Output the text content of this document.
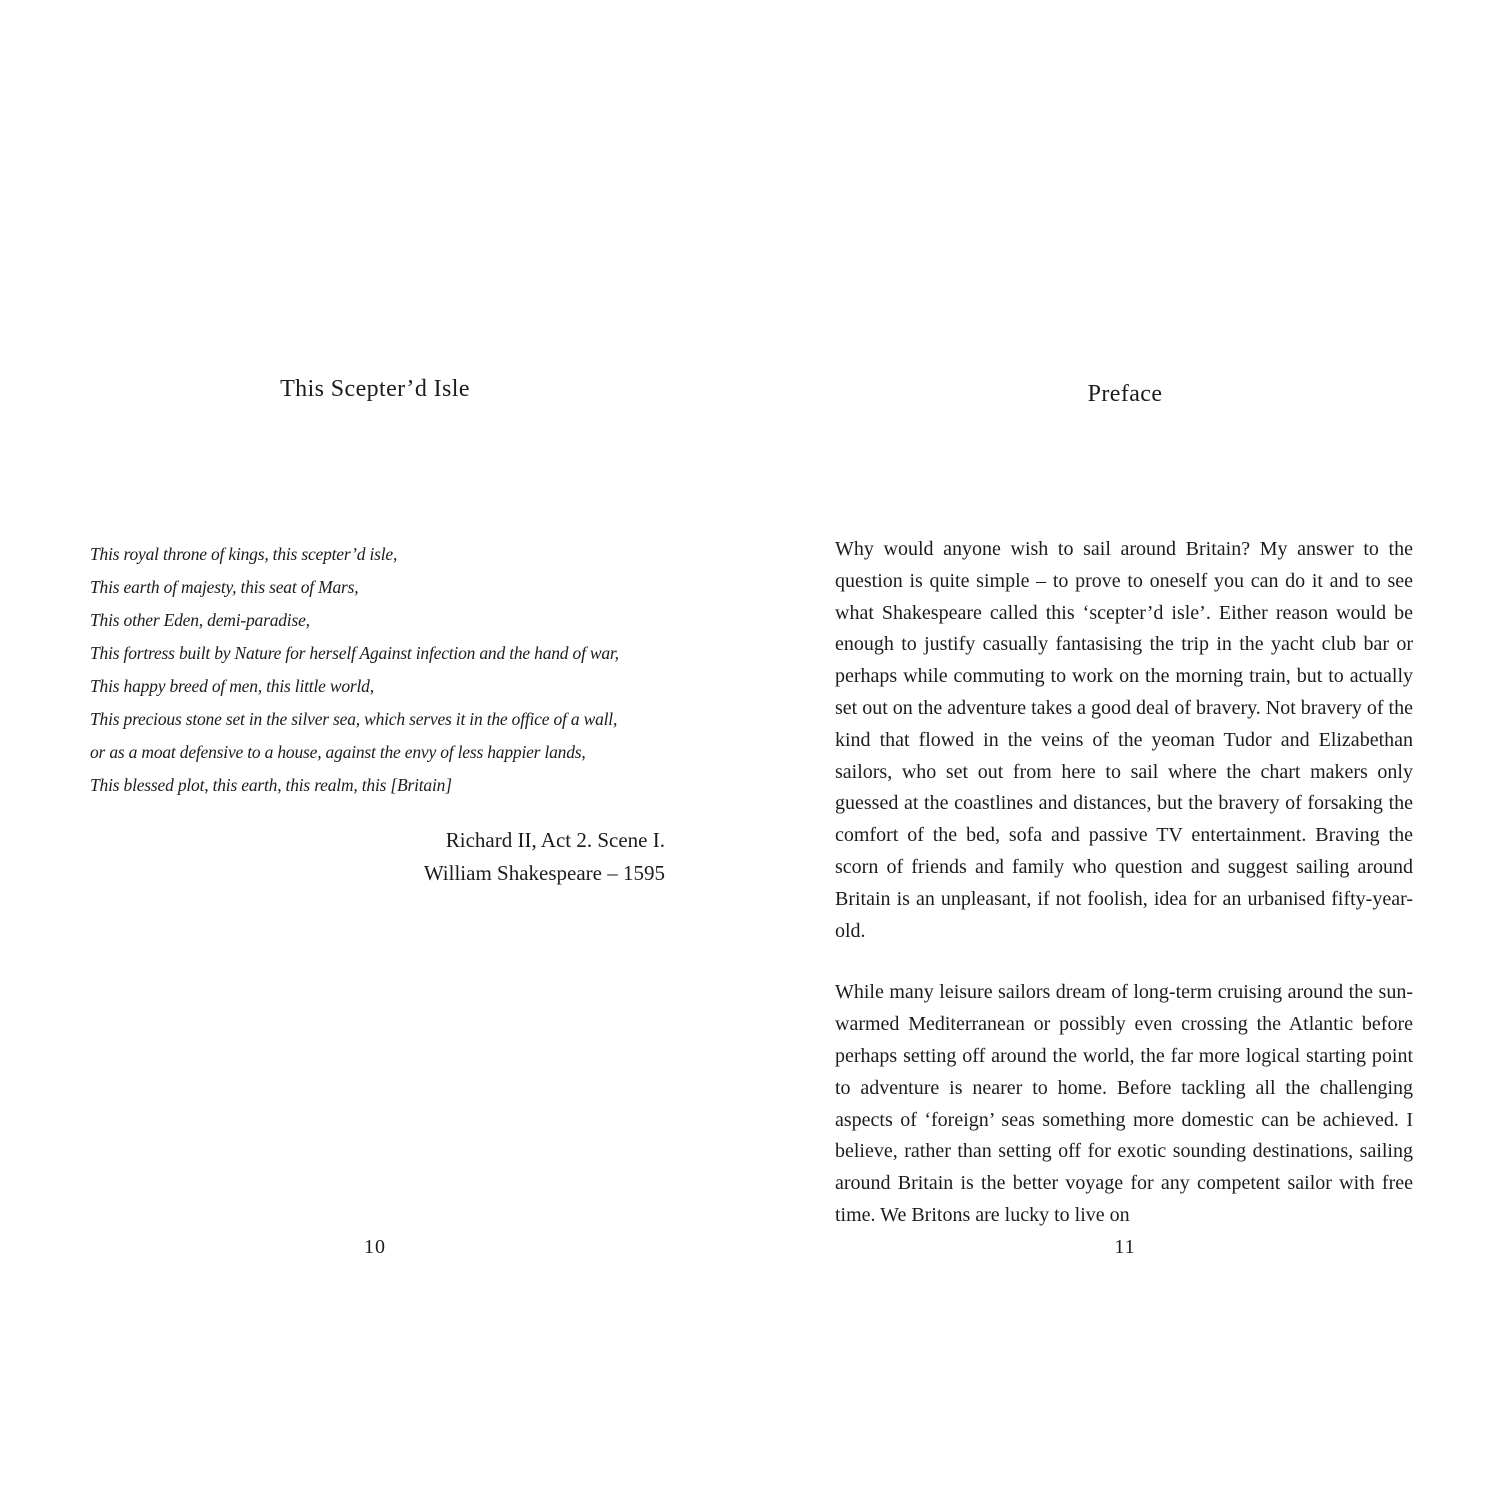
This Scepter’d Isle
This royal throne of kings, this scepter’d isle,
This earth of majesty, this seat of Mars,
This other Eden, demi-paradise,
This fortress built by Nature for herself Against infection and the hand of war,
This happy breed of men, this little world,
This precious stone set in the silver sea, which serves it in the office of a wall,
or as a moat defensive to a house, against the envy of less happier lands,
This blessed plot, this earth, this realm, this [Britain]
Richard II, Act 2. Scene I.
William Shakespeare – 1595
10
Preface

Why would anyone wish to sail around Britain? My answer to the question is quite simple – to prove to oneself you can do it and to see what Shakespeare called this ‘scepter’d isle’. Either reason would be enough to justify casually fantasising the trip in the yacht club bar or perhaps while commuting to work on the morning train, but to actually set out on the adventure takes a good deal of bravery. Not bravery of the kind that flowed in the veins of the yeoman Tudor and Elizabethan sailors, who set out from here to sail where the chart makers only guessed at the coastlines and distances, but the bravery of forsaking the comfort of the bed, sofa and passive TV entertainment. Braving the scorn of friends and family who question and suggest sailing around Britain is an unpleasant, if not foolish, idea for an urbanised fifty-year-old.

While many leisure sailors dream of long-term cruising around the sun-warmed Mediterranean or possibly even crossing the Atlantic before perhaps setting off around the world, the far more logical starting point to adventure is nearer to home. Before tackling all the challenging aspects of ‘foreign’ seas something more domestic can be achieved. I believe, rather than setting off for exotic sounding destinations, sailing around Britain is the better voyage for any competent sailor with free time. We Britons are lucky to live on

11
